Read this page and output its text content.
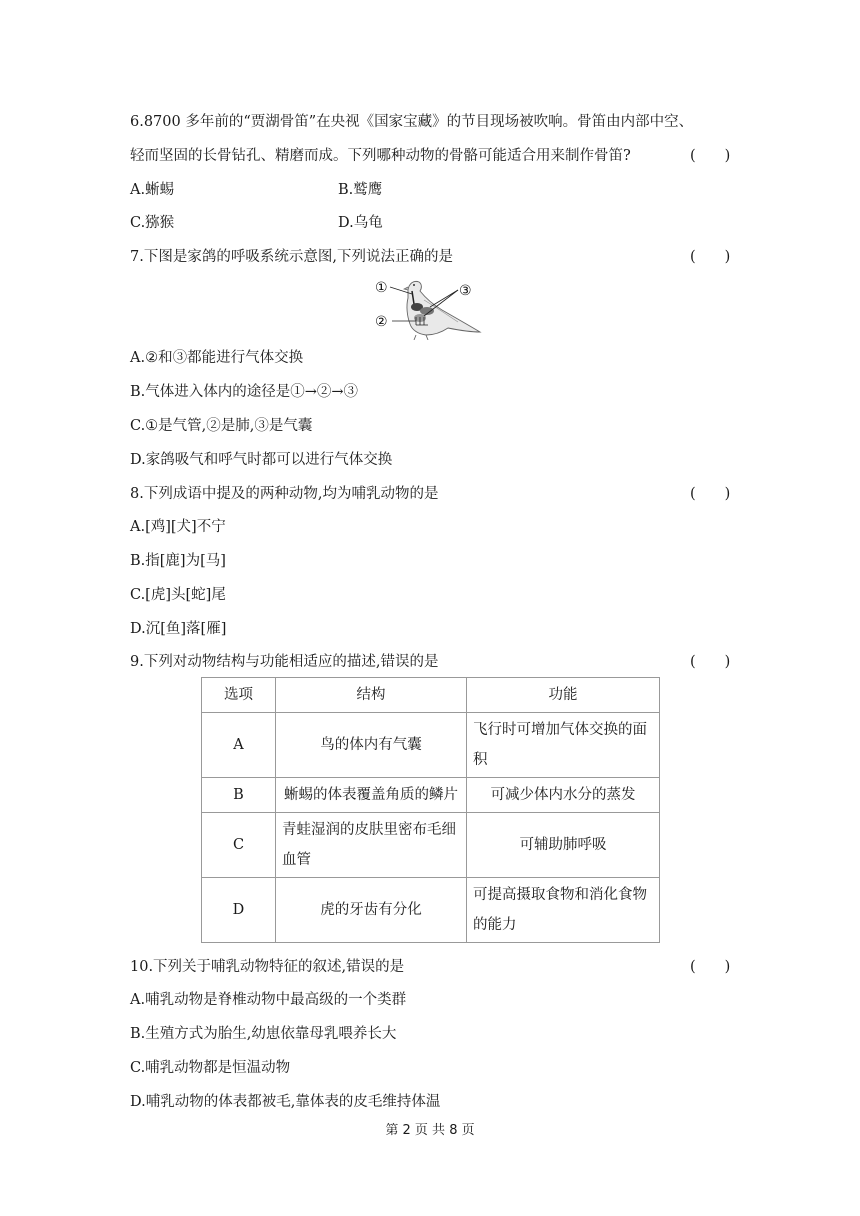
6.8700 多年前的“贾湖骨笛”在央视《国家宝藏》的节目现场被吹响。骨笛由内部中空、
轻而坚固的长骨钻孔、精磨而成。下列哪种动物的骨骼可能适合用来制作骨笛?	(　　)
A.蜥蜴	B.鹫鹰
C.猕猴	D.乌龟
7.下图是家鸽的呼吸系统示意图,下列说法正确的是	(　　)
①
②
③
A.②和③都能进行气体交换
B.气体进入体内的途径是①→②→③
C.①是气管,②是肺,③是气囊
D.家鸽吸气和呼气时都可以进行气体交换
8.下列成语中提及的两种动物,均为哺乳动物的是	(　　)
A.[鸡][犬]不宁
B.指[鹿]为[马]
C.[虎]头[蛇]尾
D.沉[鱼]落[雁]
9.下列对动物结构与功能相适应的描述,错误的是	(　　)
选项	结构	功能
A	鸟的体内有气囊	飞行时可增加气体交换的面积
B	蜥蜴的体表覆盖角质的鳞片	可减少体内水分的蒸发
C	青蛙湿润的皮肤里密布毛细血管	可辅助肺呼吸
D	虎的牙齿有分化	可提高摄取食物和消化食物的能力
10.下列关于哺乳动物特征的叙述,错误的是	(　　)
A.哺乳动物是脊椎动物中最高级的一个类群
B.生殖方式为胎生,幼崽依靠母乳喂养长大
C.哺乳动物都是恒温动物
D.哺乳动物的体表都被毛,靠体表的皮毛维持体温
第 2 页 共 8 页
